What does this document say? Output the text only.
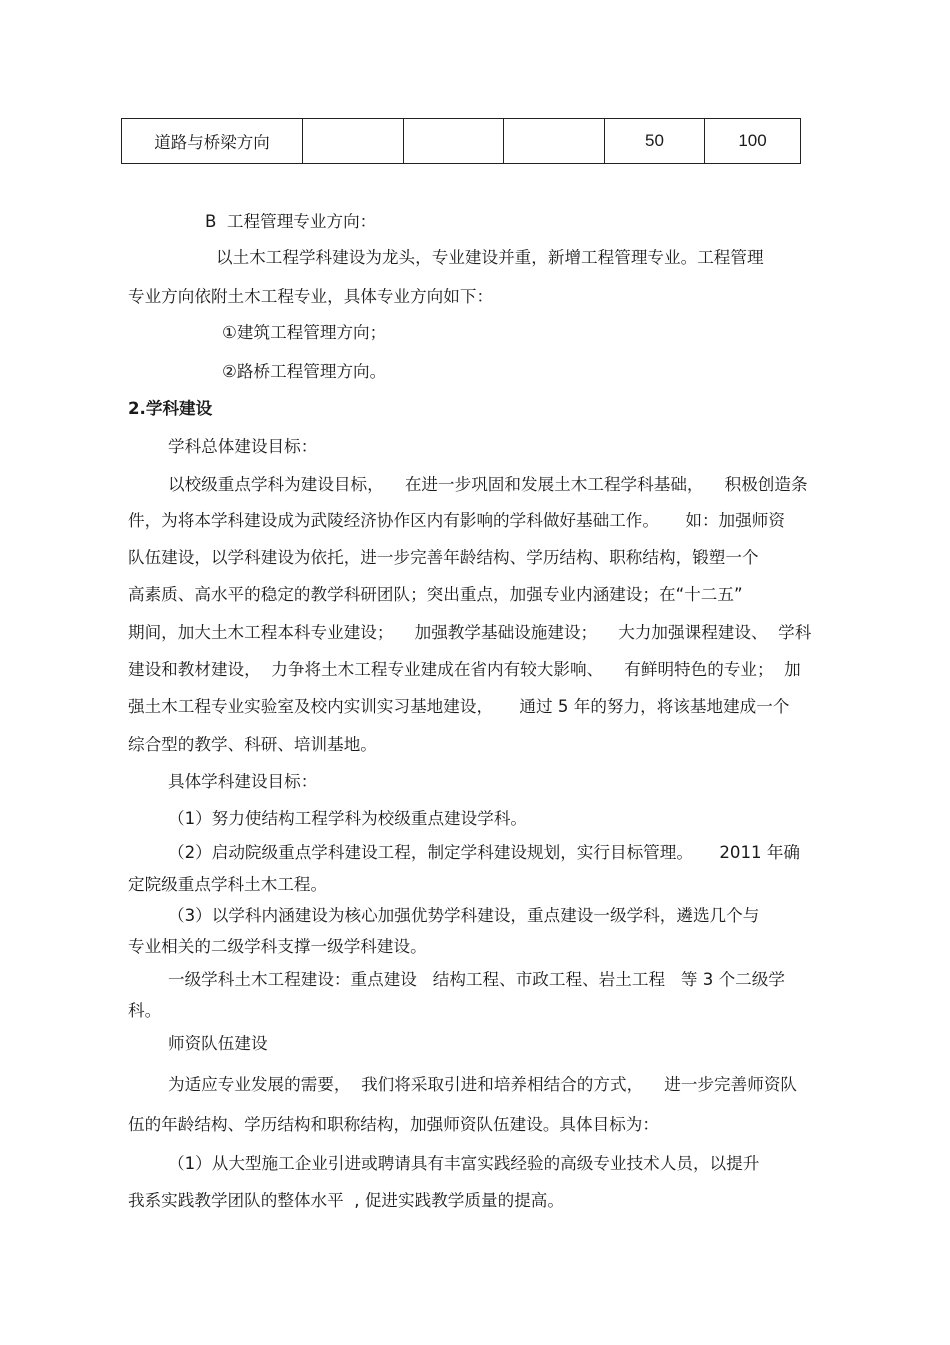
道路与桥梁方向				50	100
B  工程管理专业方向：
以土木工程学科建设为龙头，专业建设并重，新增工程管理专业。工程管理
专业方向依附土木工程专业，具体专业方向如下：
①建筑工程管理方向；
②路桥工程管理方向。
2.学科建设
学科总体建设目标：
以校级重点学科为建设目标，    在进一步巩固和发展土木工程学科基础，    积极创造条
件，为将本学科建设成为武陵经济协作区内有影响的学科做好基础工作。     如：加强师资
队伍建设，以学科建设为依托，进一步完善年龄结构、学历结构、职称结构，锻塑一个
高素质、高水平的稳定的教学科研团队；突出重点，加强专业内涵建设；在“十二五”
期间，加大土木工程本科专业建设；    加强教学基础设施建设；    大力加强课程建设、  学科
建设和教材建设，  力争将土木工程专业建成在省内有较大影响、    有鲜明特色的专业；  加
强土木工程专业实验室及校内实训实习基地建设，     通过 5 年的努力，将该基地建成一个
综合型的教学、科研、培训基地。
具体学科建设目标：
（1）努力使结构工程学科为校级重点建设学科。
（2）启动院级重点学科建设工程，制定学科建设规划，实行目标管理。     2011 年确
定院级重点学科土木工程。
（3）以学科内涵建设为核心加强优势学科建设，重点建设一级学科，遴选几个与
专业相关的二级学科支撑一级学科建设。
一级学科土木工程建设：重点建设   结构工程、市政工程、岩土工程   等 3 个二级学
科。
师资队伍建设
为适应专业发展的需要，  我们将采取引进和培养相结合的方式，    进一步完善师资队
伍的年龄结构、学历结构和职称结构，加强师资队伍建设。具体目标为：
（1）从大型施工企业引进或聘请具有丰富实践经验的高级专业技术人员，以提升
我系实践教学团队的整体水平  , 促进实践教学质量的提高。
